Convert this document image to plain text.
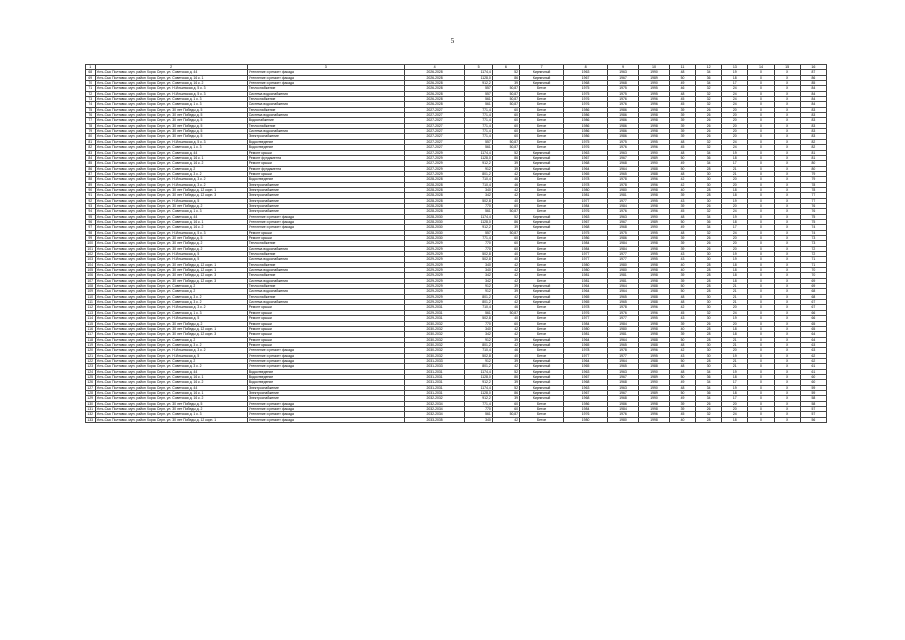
5
1	2	3	4	5	6	7	8	9	10	11	12	13	14	15	16
68	Усть-Сыс Полтавск. мун. район Хорск Серп. ул. Советская д. 44	Утепление и ремонт фасада	2026-2028	1174,4	52	Кирпичный	1963	1963	1990	48	34	19	0	Х	87
69	Усть-Сыс Полтавск. мун. район Хорск Серп. ул. Советская д. 16 к. 1	Утепление и ремонт фасада	2026-2028	1128,0	86	Кирпичный	1967	1967	1989	50	36	18	0	Х	86
70	Усть-Сыс Полтавск. мун. район Хорск Серп. ул. Советская д. 16 к. 2	Утепление и ремонт фасада	2026-2028	912,2	39	Кирпичный	1968	1968	1990	49	34	17	0	Х	85
71	Усть-Сыс Полтавск. мун. район Хорск Серп. ул. Н.Ильинская д. 5 к. 3	Теплоснабжение	2026-2028	557	50,87	Бетон	1975	1975	1995	46	32	24	0	Х	84
72	Усть-Сыс Полтавск. мун. район Хорск Серп. ул. Н.Ильинская д. 5 к. 3	Система водоснабжения	2026-2028	557	50,87	Бетон	1975	1975	1995	48	32	24	0	Х	84
73	Усть-Сыс Полтавск. мун. район Хорск Серп. ул. Советская д. 1 к. 3	Теплоснабжение	2026-2028	561	50,87	Бетон	1976	1976	1996	45	32	24	0	Х	84
74	Усть-Сыс Полтавск. мун. район Хорск Серп. ул. Советская д. 1 к. 3	Система водоснабжения	2026-2028	561	50,87	Бетон	1976	1976	1996	45	32	24	0	Х	84
75	Усть-Сыс Полтавск. мун. район Хорск Серп. ул. 30 лет Победы д. 5	Теплоснабжение	2027-2027	771,4	60	Бетон	1986	1986	1998	39	26	20	0	Х	83
76	Усть-Сыс Полтавск. мун. район Хорск Серп. ул. 30 лет Победы д. 5	Система водоснабжения	2027-2027	771,4	60	Бетон	1986	1986	1998	39	26	20	0	Х	83
77	Усть-Сыс Полтавск. мун. район Хорск Серп. ул. 30 лет Победы д. 5	Водоснабжение	2027-2027	771,4	60	Бетон	1986	1986	1998	39	26	20	0	Х	83
78	Усть-Сыс Полтавск. мун. район Хорск Серп. ул. 30 лет Победы д. 5	Теплоснабжение	2027-2027	771,4	60	Бетон	1986	1986	1998	39	26	20	0	Х	83
79	Усть-Сыс Полтавск. мун. район Хорск Серп. ул. 30 лет Победы д. 5	Система водоснабжения	2027-2027	771,4	60	Бетон	1986	1986	1998	39	26	20	0	Х	83
80	Усть-Сыс Полтавск. мун. район Хорск Серп. ул. 30 лет Победы д. 5	Электроснабжение	2027-2027	771,4	60	Бетон	1986	1986	1998	39	26	20	0	Х	83
81	Усть-Сыс Полтавск. мун. район Хорск Серп. ул. Н.Ильинская д. 5 к. 3	Водоотведение	2027-2027	557	50,87	Бетон	1975	1975	1995	48	32	24	0	Х	82
82	Усть-Сыс Полтавск. мун. район Хорск Серп. ул. Советская д. 1 к. 3	Водоотведение	2027-2027	561	50,87	Бетон	1976	1976	1996	45	32	24	0	Х	82
83	Усть-Сыс Полтавск. мун. район Хорск Серп. ул. Советская д. 44	Ремонт крыши	2027-2029	1174,4	52	Кирпичный	1963	1963	1990	48	34	19	0	Х	81
84	Усть-Сыс Полтавск. мун. район Хорск Серп. ул. Советская д. 16 к. 1	Ремонт фундамента	2027-2029	1128,0	86	Кирпичный	1967	1967	1989	50	36	18	0	Х	81
85	Усть-Сыс Полтавск. мун. район Хорск Серп. ул. Советская д. 16 к. 2	Ремонт крыши	2027-2029	912,2	39	Кирпичный	1968	1968	1990	49	34	17	0	Х	80
86	Усть-Сыс Полтавск. мун. район Хорск Серп. ул. Советская д. 2	Ремонт фундамента	2027-2029	912	39	Кирпичный	1964	1964	1988	50	28	21	0	Х	80
87	Усть-Сыс Полтавск. мун. район Хорск Серп. ул. Советская д. 3 к. 2	Ремонт крыши	2027-2029	801,2	42	Кирпичный	1965	1965	1988	48	30	21	0	Х	79
88	Усть-Сыс Полтавск. мун. район Хорск Серп. ул. Н.Ильинская д. 3 к. 2	Водоотведение	2028-2028	710,4	46	Бетон	1978	1978	1996	42	30	20	0	Х	79
89	Усть-Сыс Полтавск. мун. район Хорск Серп. ул. Н.Ильинская д. 3 к. 2	Электроснабжение	2028-2028	710,4	46	Бетон	1978	1978	1996	42	30	20	0	Х	78
90	Усть-Сыс Полтавск. мун. район Хорск Серп. ул. 30 лет Победы д. 12 корп. 1	Электроснабжение	2028-2028	340	42	Бетон	1980	1980	1998	40	28	18	0	Х	78
91	Усть-Сыс Полтавск. мун. район Хорск Серп. ул. 30 лет Победы д. 12 корп. 3	Электроснабжение	2028-2028	342	42	Бетон	1981	1981	1998	39	28	18	0	Х	77
92	Усть-Сыс Полтавск. мун. район Хорск Серп. ул. Н.Ильинская д. 5	Электроснабжение	2028-2028	502,8	40	Бетон	1977	1977	1995	43	30	19	0	Х	77
93	Усть-Сыс Полтавск. мун. район Хорск Серп. ул. 30 лет Победы д. 2	Электроснабжение	2028-2028	770	60	Бетон	1984	1984	1998	39	26	20	0	Х	76
94	Усть-Сыс Полтавск. мун. район Хорск Серп. ул. Советская д. 1 к. 3	Электроснабжение	2028-2028	561	50,87	Бетон	1976	1976	1996	45	32	24	0	Х	76
95	Усть-Сыс Полтавск. мун. район Хорск Серп. ул. Советская д. 44	Утепление и ремонт фасада	2028-2030	1174,4	52	Кирпичный	1963	1963	1990	48	34	19	0	Х	75
96	Усть-Сыс Полтавск. мун. район Хорск Серп. ул. Советская д. 16 к. 1	Утепление и ремонт фасада	2028-2030	1128,0	86	Кирпичный	1967	1967	1989	50	36	18	0	Х	75
97	Усть-Сыс Полтавск. мун. район Хорск Серп. ул. Советская д. 16 к. 2	Утепление и ремонт фасада	2028-2030	912,2	39	Кирпичный	1968	1968	1990	49	34	17	0	Х	74
98	Усть-Сыс Полтавск. мун. район Хорск Серп. ул. Н.Ильинская д. 5 к. 3	Ремонт крыши	2028-2030	557	50,87	Бетон	1975	1975	1995	48	32	24	0	Х	74
99	Усть-Сыс Полтавск. мун. район Хорск Серп. ул. 30 лет Победы д. 5	Ремонт крыши	2028-2030	771,4	60	Бетон	1986	1986	1998	39	26	20	0	Х	73
100	Усть-Сыс Полтавск. мун. район Хорск Серп. ул. 30 лет Победы д. 2	Теплоснабжение	2029-2029	770	60	Бетон	1984	1984	1998	39	26	20	0	Х	73
101	Усть-Сыс Полтавск. мун. район Хорск Серп. ул. 30 лет Победы д. 2	Система водоснабжения	2029-2029	770	60	Бетон	1984	1984	1998	39	26	20	0	Х	72
102	Усть-Сыс Полтавск. мун. район Хорск Серп. ул. Н.Ильинская д. 5	Теплоснабжение	2029-2029	502,8	40	Бетон	1977	1977	1995	43	30	19	0	Х	72
103	Усть-Сыс Полтавск. мун. район Хорск Серп. ул. Н.Ильинская д. 5	Система водоснабжения	2029-2029	502,8	40	Бетон	1977	1977	1995	43	30	19	0	Х	71
104	Усть-Сыс Полтавск. мун. район Хорск Серп. ул. 30 лет Победы д. 12 корп. 1	Теплоснабжение	2029-2029	340	42	Бетон	1980	1980	1998	40	28	18	0	Х	71
105	Усть-Сыс Полтавск. мун. район Хорск Серп. ул. 30 лет Победы д. 12 корп. 1	Система водоснабжения	2029-2029	340	42	Бетон	1980	1980	1998	40	28	18	0	Х	70
106	Усть-Сыс Полтавск. мун. район Хорск Серп. ул. 30 лет Победы д. 12 корп. 3	Теплоснабжение	2029-2029	342	42	Бетон	1981	1981	1998	39	28	18	0	Х	70
107	Усть-Сыс Полтавск. мун. район Хорск Серп. ул. 30 лет Победы д. 12 корп. 3	Система водоснабжения	2029-2029	342	42	Бетон	1981	1981	1998	39	28	18	0	Х	69
108	Усть-Сыс Полтавск. мун. район Хорск Серп. ул. Советская д. 2	Теплоснабжение	2029-2029	912	39	Кирпичный	1964	1964	1988	50	28	21	0	Х	69
109	Усть-Сыс Полтавск. мун. район Хорск Серп. ул. Советская д. 2	Система водоснабжения	2029-2029	912	39	Кирпичный	1964	1964	1988	50	28	21	0	Х	68
110	Усть-Сыс Полтавск. мун. район Хорск Серп. ул. Советская д. 3 к. 2	Теплоснабжение	2029-2029	801,2	42	Кирпичный	1965	1965	1988	48	30	21	0	Х	68
111	Усть-Сыс Полтавск. мун. район Хорск Серп. ул. Советская д. 3 к. 2	Система водоснабжения	2029-2029	801,2	42	Кирпичный	1965	1965	1988	48	30	21	0	Х	67
112	Усть-Сыс Полтавск. мун. район Хорск Серп. ул. Н.Ильинская д. 3 к. 2	Ремонт крыши	2029-2031	710,4	46	Бетон	1978	1978	1996	42	30	20	0	Х	67
113	Усть-Сыс Полтавск. мун. район Хорск Серп. ул. Советская д. 1 к. 3	Ремонт крыши	2029-2031	561	50,87	Бетон	1976	1976	1996	45	32	24	0	Х	66
114	Усть-Сыс Полтавск. мун. район Хорск Серп. ул. Н.Ильинская д. 5	Ремонт крыши	2029-2031	502,8	40	Бетон	1977	1977	1995	43	30	19	0	Х	66
115	Усть-Сыс Полтавск. мун. район Хорск Серп. ул. 30 лет Победы д. 2	Ремонт крыши	2030-2032	770	60	Бетон	1984	1984	1998	39	26	20	0	Х	65
116	Усть-Сыс Полтавск. мун. район Хорск Серп. ул. 30 лет Победы д. 12 корп. 1	Ремонт крыши	2030-2032	340	42	Бетон	1980	1980	1998	40	28	18	0	Х	65
117	Усть-Сыс Полтавск. мун. район Хорск Серп. ул. 30 лет Победы д. 12 корп. 3	Ремонт крыши	2030-2032	342	42	Бетон	1981	1981	1998	39	28	18	0	Х	64
118	Усть-Сыс Полтавск. мун. район Хорск Серп. ул. Советская д. 2	Ремонт крыши	2030-2032	912	39	Кирпичный	1964	1964	1988	50	28	21	0	Х	64
119	Усть-Сыс Полтавск. мун. район Хорск Серп. ул. Советская д. 3 к. 2	Ремонт крыши	2030-2032	801,2	42	Кирпичный	1965	1965	1988	48	30	21	0	Х	63
120	Усть-Сыс Полтавск. мун. район Хорск Серп. ул. Н.Ильинская д. 3 к. 2	Утепление и ремонт фасада	2030-2032	710,4	46	Бетон	1978	1978	1996	42	30	20	0	Х	63
121	Усть-Сыс Полтавск. мун. район Хорск Серп. ул. Н.Ильинская д. 5	Утепление и ремонт фасада	2030-2032	502,8	40	Бетон	1977	1977	1995	43	30	19	0	Х	62
122	Усть-Сыс Полтавск. мун. район Хорск Серп. ул. Советская д. 2	Утепление и ремонт фасада	2031-2033	912	39	Кирпичный	1964	1964	1988	50	28	21	0	Х	62
123	Усть-Сыс Полтавск. мун. район Хорск Серп. ул. Советская д. 3 к. 2	Утепление и ремонт фасада	2031-2033	801,2	42	Кирпичный	1965	1965	1988	48	30	21	0	Х	61
124	Усть-Сыс Полтавск. мун. район Хорск Серп. ул. Советская д. 44	Водоотведение	2031-2031	1174,4	52	Кирпичный	1963	1963	1990	48	34	19	0	Х	61
125	Усть-Сыс Полтавск. мун. район Хорск Серп. ул. Советская д. 16 к. 1	Водоотведение	2031-2031	1128,0	86	Кирпичный	1967	1967	1989	50	36	18	0	Х	60
126	Усть-Сыс Полтавск. мун. район Хорск Серп. ул. Советская д. 16 к. 2	Водоотведение	2031-2031	912,2	39	Кирпичный	1968	1968	1990	49	34	17	0	Х	60
127	Усть-Сыс Полтавск. мун. район Хорск Серп. ул. Советская д. 44	Электроснабжение	2031-2031	1174,4	52	Кирпичный	1963	1963	1990	48	34	19	0	Х	59
128	Усть-Сыс Полтавск. мун. район Хорск Серп. ул. Советская д. 16 к. 1	Электроснабжение	2031-2031	1128,0	86	Кирпичный	1967	1967	1989	50	36	18	0	Х	59
129	Усть-Сыс Полтавск. мун. район Хорск Серп. ул. Советская д. 16 к. 2	Электроснабжение	2032-2032	912,2	39	Кирпичный	1968	1968	1990	49	34	17	0	Х	58
130	Усть-Сыс Полтавск. мун. район Хорск Серп. ул. 30 лет Победы д. 5	Утепление и ремонт фасада	2032-2034	771,4	60	Бетон	1986	1986	1998	39	26	20	0	Х	58
131	Усть-Сыс Полтавск. мун. район Хорск Серп. ул. 30 лет Победы д. 2	Утепление и ремонт фасада	2032-2034	770	60	Бетон	1984	1984	1998	39	26	20	0	Х	57
132	Усть-Сыс Полтавск. мун. район Хорск Серп. ул. Советская д. 1 к. 3	Утепление и ремонт фасада	2032-2034	561	50,87	Бетон	1976	1976	1996	45	32	24	0	Х	57
133	Усть-Сыс Полтавск. мун. район Хорск Серп. ул. 30 лет Победы д. 12 корп. 1	Утепление и ремонт фасада	2033-2035	340	42	Бетон	1980	1980	1998	40	28	18	0	Х	56
